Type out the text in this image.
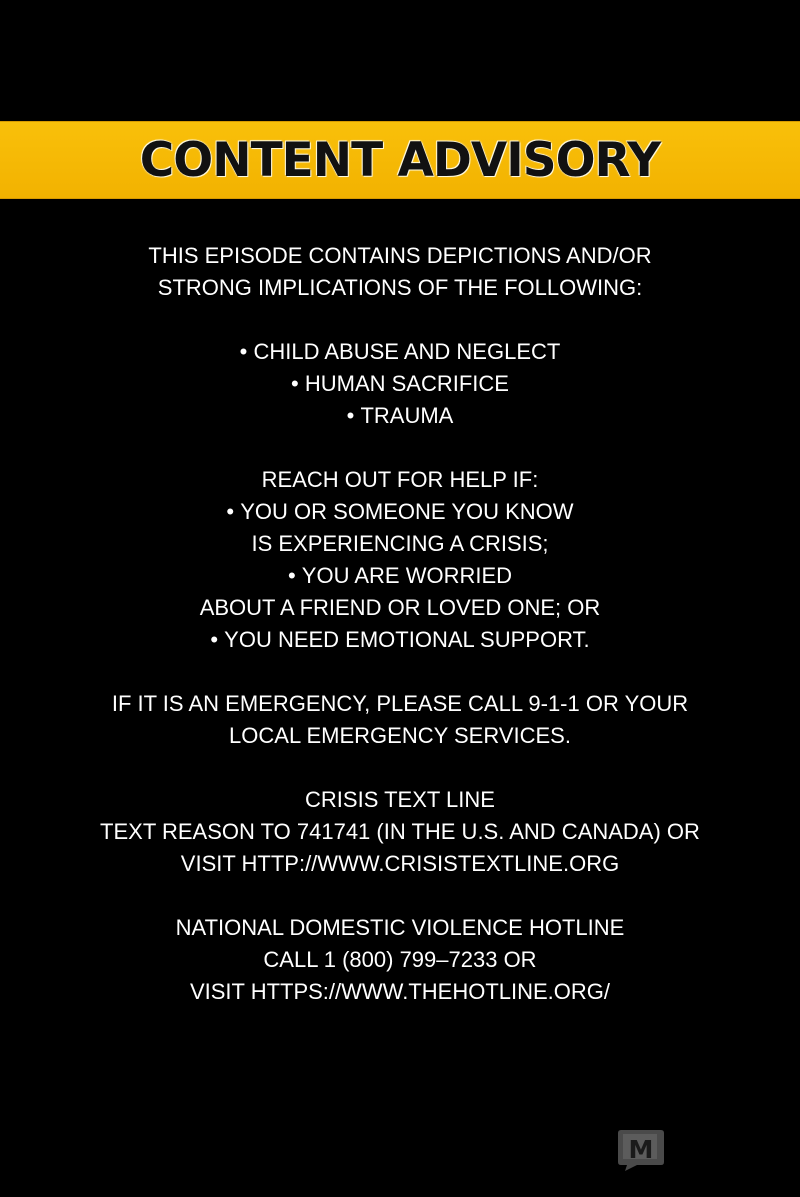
CONTENT ADVISORY
THIS EPISODE CONTAINS DEPICTIONS AND/OR
STRONG IMPLICATIONS OF THE FOLLOWING:
• CHILD ABUSE AND NEGLECT
• HUMAN SACRIFICE
• TRAUMA
REACH OUT FOR HELP IF:
• YOU OR SOMEONE YOU KNOW
IS EXPERIENCING A CRISIS;
• YOU ARE WORRIED
ABOUT A FRIEND OR LOVED ONE; OR
• YOU NEED EMOTIONAL SUPPORT.
IF IT IS AN EMERGENCY, PLEASE CALL 9-1-1 OR YOUR
LOCAL EMERGENCY SERVICES.
CRISIS TEXT LINE
TEXT REASON TO 741741 (IN THE U.S. AND CANADA) OR
VISIT HTTP://WWW.CRISISTEXTLINE.ORG
NATIONAL DOMESTIC VIOLENCE HOTLINE
CALL 1 (800) 799–7233 OR
VISIT HTTPS://WWW.THEHOTLINE.ORG/
M
